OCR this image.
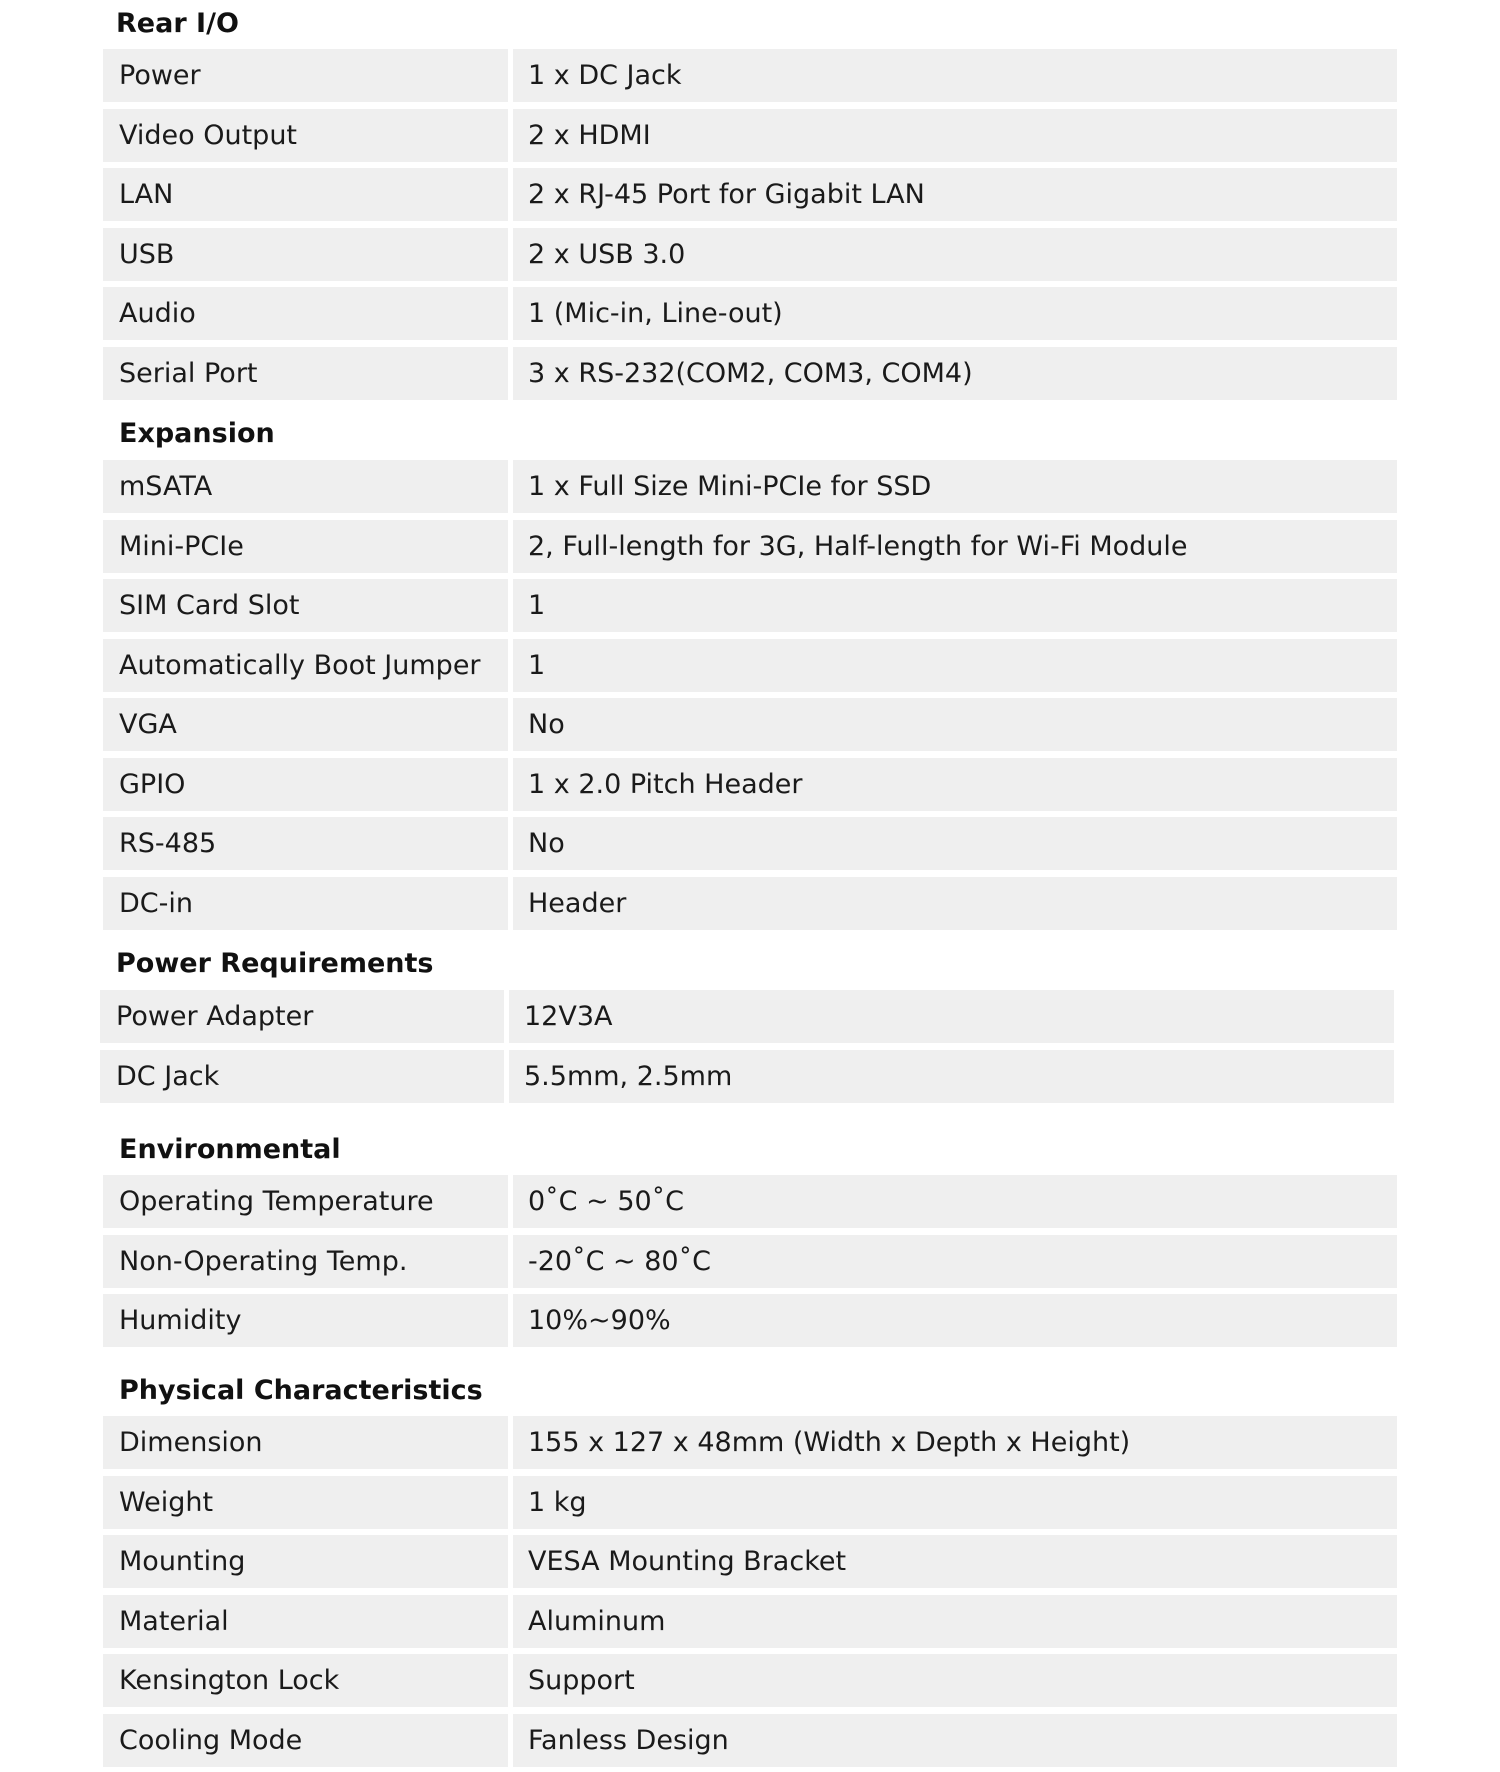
Rear I/O
Power	1 x DC Jack
Video Output	2 x HDMI
LAN	2 x RJ-45 Port for Gigabit LAN
USB	2 x USB 3.0
Audio	1 (Mic-in, Line-out)
Serial Port	3 x RS-232(COM2, COM3, COM4)
Expansion
mSATA	1 x Full Size Mini-PCIe for SSD
Mini-PCIe	2, Full-length for 3G, Half-length for Wi-Fi Module
SIM Card Slot	1
Automatically Boot Jumper	1
VGA	No
GPIO	1 x 2.0 Pitch Header
RS-485	No
DC-in	Header
Power Requirements
Power Adapter	12V3A
DC Jack	5.5mm, 2.5mm
Environmental
Operating Temperature	0˚C ~ 50˚C
Non-Operating Temp.	-20˚C ~ 80˚C
Humidity	10%~90%
Physical Characteristics
Dimension	155 x 127 x 48mm (Width x Depth x Height)
Weight	1 kg
Mounting	VESA Mounting Bracket
Material	Aluminum
Kensington Lock	Support
Cooling Mode	Fanless Design
